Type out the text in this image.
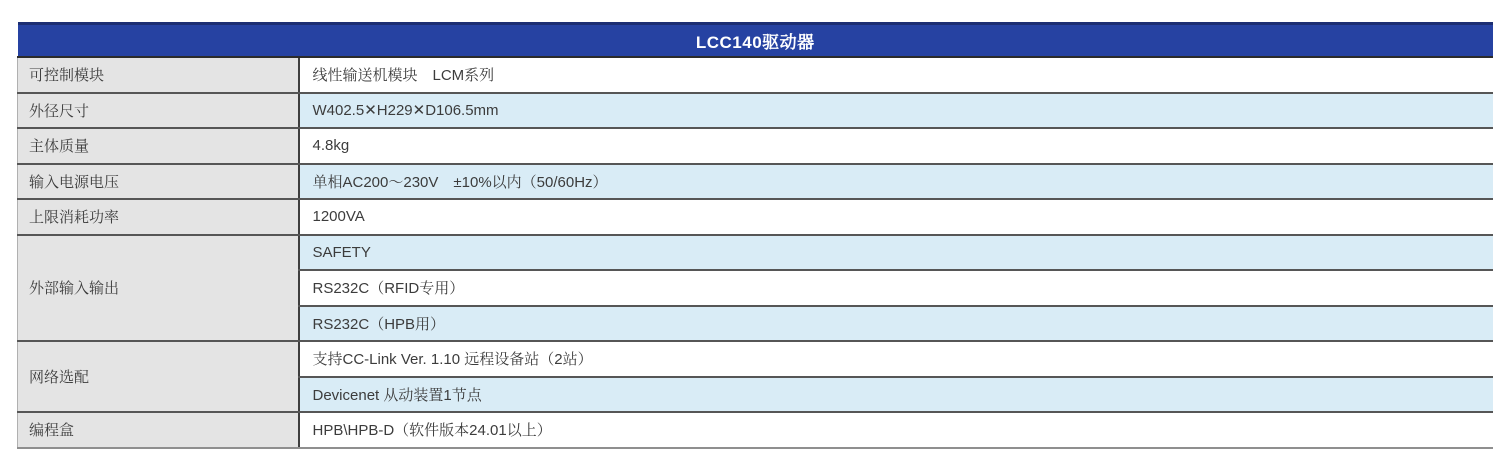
LCC140驱动器	
可控制模块	线性输送机模块　LCM系列
外径尺寸	W402.5✕H229✕D106.5mm
主体质量	4.8kg
输入电源电压	单相AC200〜230V　±10%以内（50/60Hz）
上限消耗功率	1200VA
外部输入输出	SAFETY
	RS232C（RFID专用）
	RS232C（HPB用）
网络选配	支持CC-Link Ver. 1.10 远程设备站（2站）
	Devicenet 从动装置1节点
编程盒	HPB\HPB-D（软件版本24.01以上）
